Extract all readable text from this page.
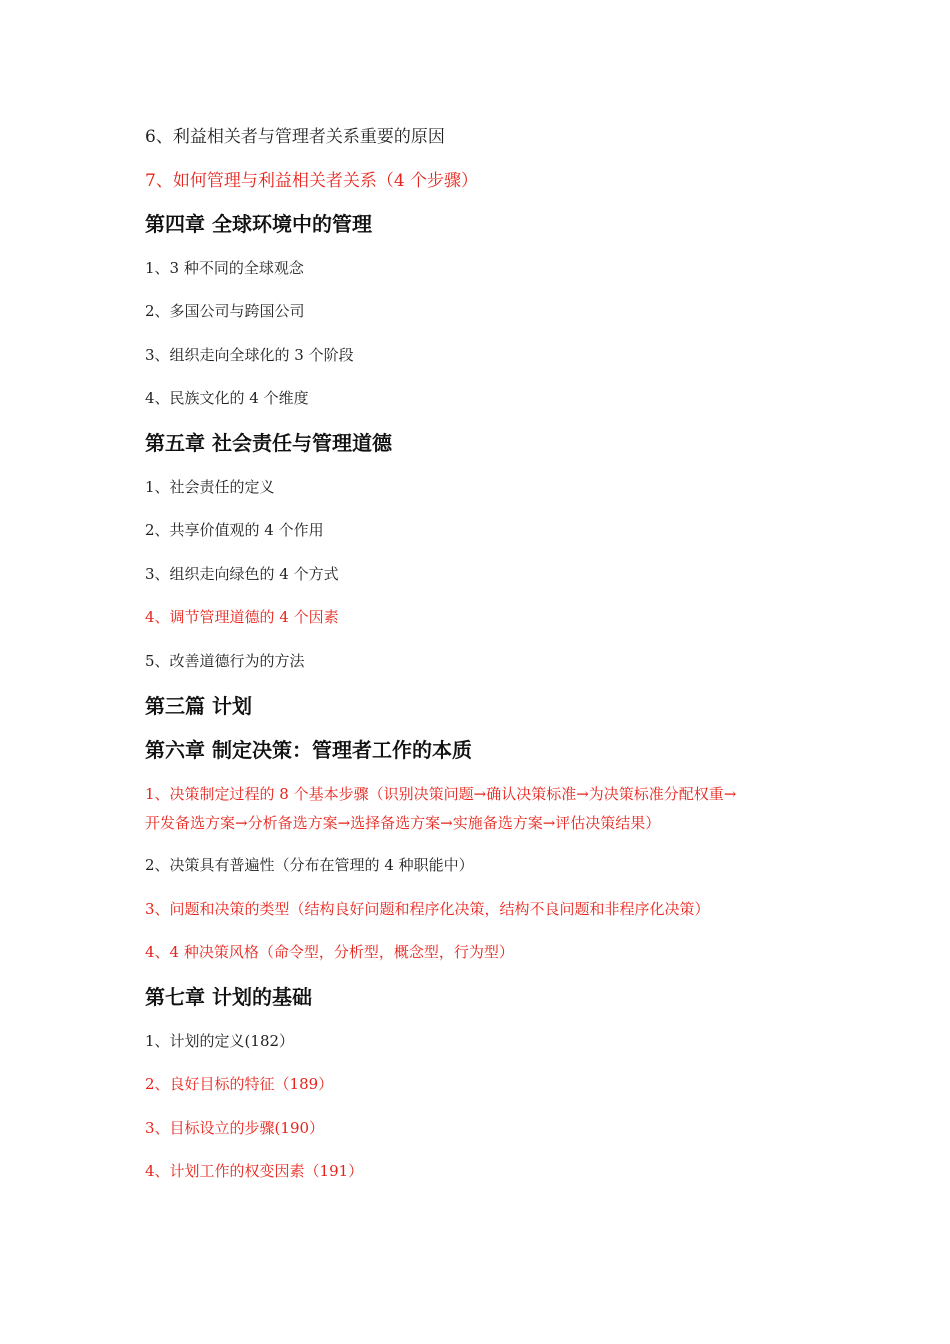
6、利益相关者与管理者关系重要的原因
7、如何管理与利益相关者关系（4 个步骤）
第四章 全球环境中的管理
1、3 种不同的全球观念
2、多国公司与跨国公司
3、组织走向全球化的 3 个阶段
4、民族文化的 4 个维度
第五章 社会责任与管理道德
1、社会责任的定义
2、共享价值观的 4 个作用
3、组织走向绿色的 4 个方式
4、调节管理道德的 4 个因素
5、改善道德行为的方法
第三篇 计划
第六章 制定决策：管理者工作的本质
1、决策制定过程的 8 个基本步骤（识别决策问题→确认决策标准→为决策标准分配权重→
开发备选方案→分析备选方案→选择备选方案→实施备选方案→评估决策结果）
2、决策具有普遍性（分布在管理的 4 种职能中）
3、问题和决策的类型（结构良好问题和程序化决策，结构不良问题和非程序化决策）
4、4 种决策风格（命令型，分析型，概念型，行为型）
第七章 计划的基础
1、计划的定义(182）
2、良好目标的特征（189）
3、目标设立的步骤(190）
4、计划工作的权变因素（191）
